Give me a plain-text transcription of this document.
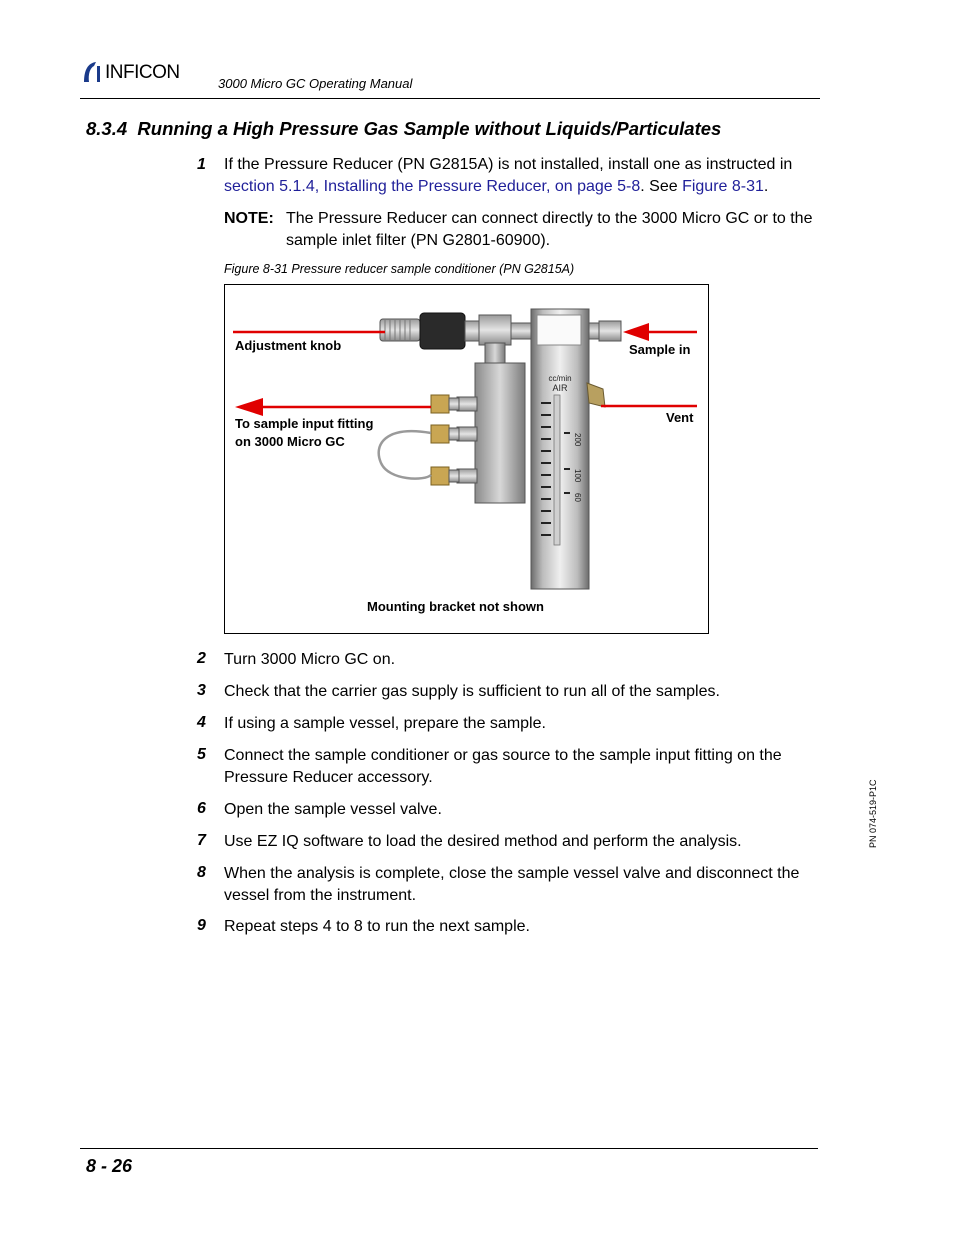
INFICON
3000 Micro GC Operating Manual
8.3.4  Running a High Pressure Gas Sample without Liquids/Particulates
1 If the Pressure Reducer (PN G2815A) is not installed, install one as instructed in section 5.1.4, Installing the Pressure Reducer, on page 5-8. See Figure 8-31.
NOTE: The Pressure Reducer can connect directly to the 3000 Micro GC or to the sample inlet filter (PN G2801-60900).
Figure 8-31 Pressure reducer sample conditioner (PN G2815A)
cc/min
AIR
200
100
60
Adjustment knob	Sample in
To sample input fitting
on 3000 Micro GC
Vent
Mounting bracket not shown
2 Turn 3000 Micro GC on.
3 Check that the carrier gas supply is sufficient to run all of the samples.
4 If using a sample vessel, prepare the sample.
5 Connect the sample conditioner or gas source to the sample input fitting on the Pressure Reducer accessory.
6 Open the sample vessel valve.
7 Use EZ IQ software to load the desired method and perform the analysis.
8 When the analysis is complete, close the sample vessel valve and disconnect the vessel from the instrument.
9 Repeat steps 4 to 8 to run the next sample.
PN 074-519-P1C
8 - 26
